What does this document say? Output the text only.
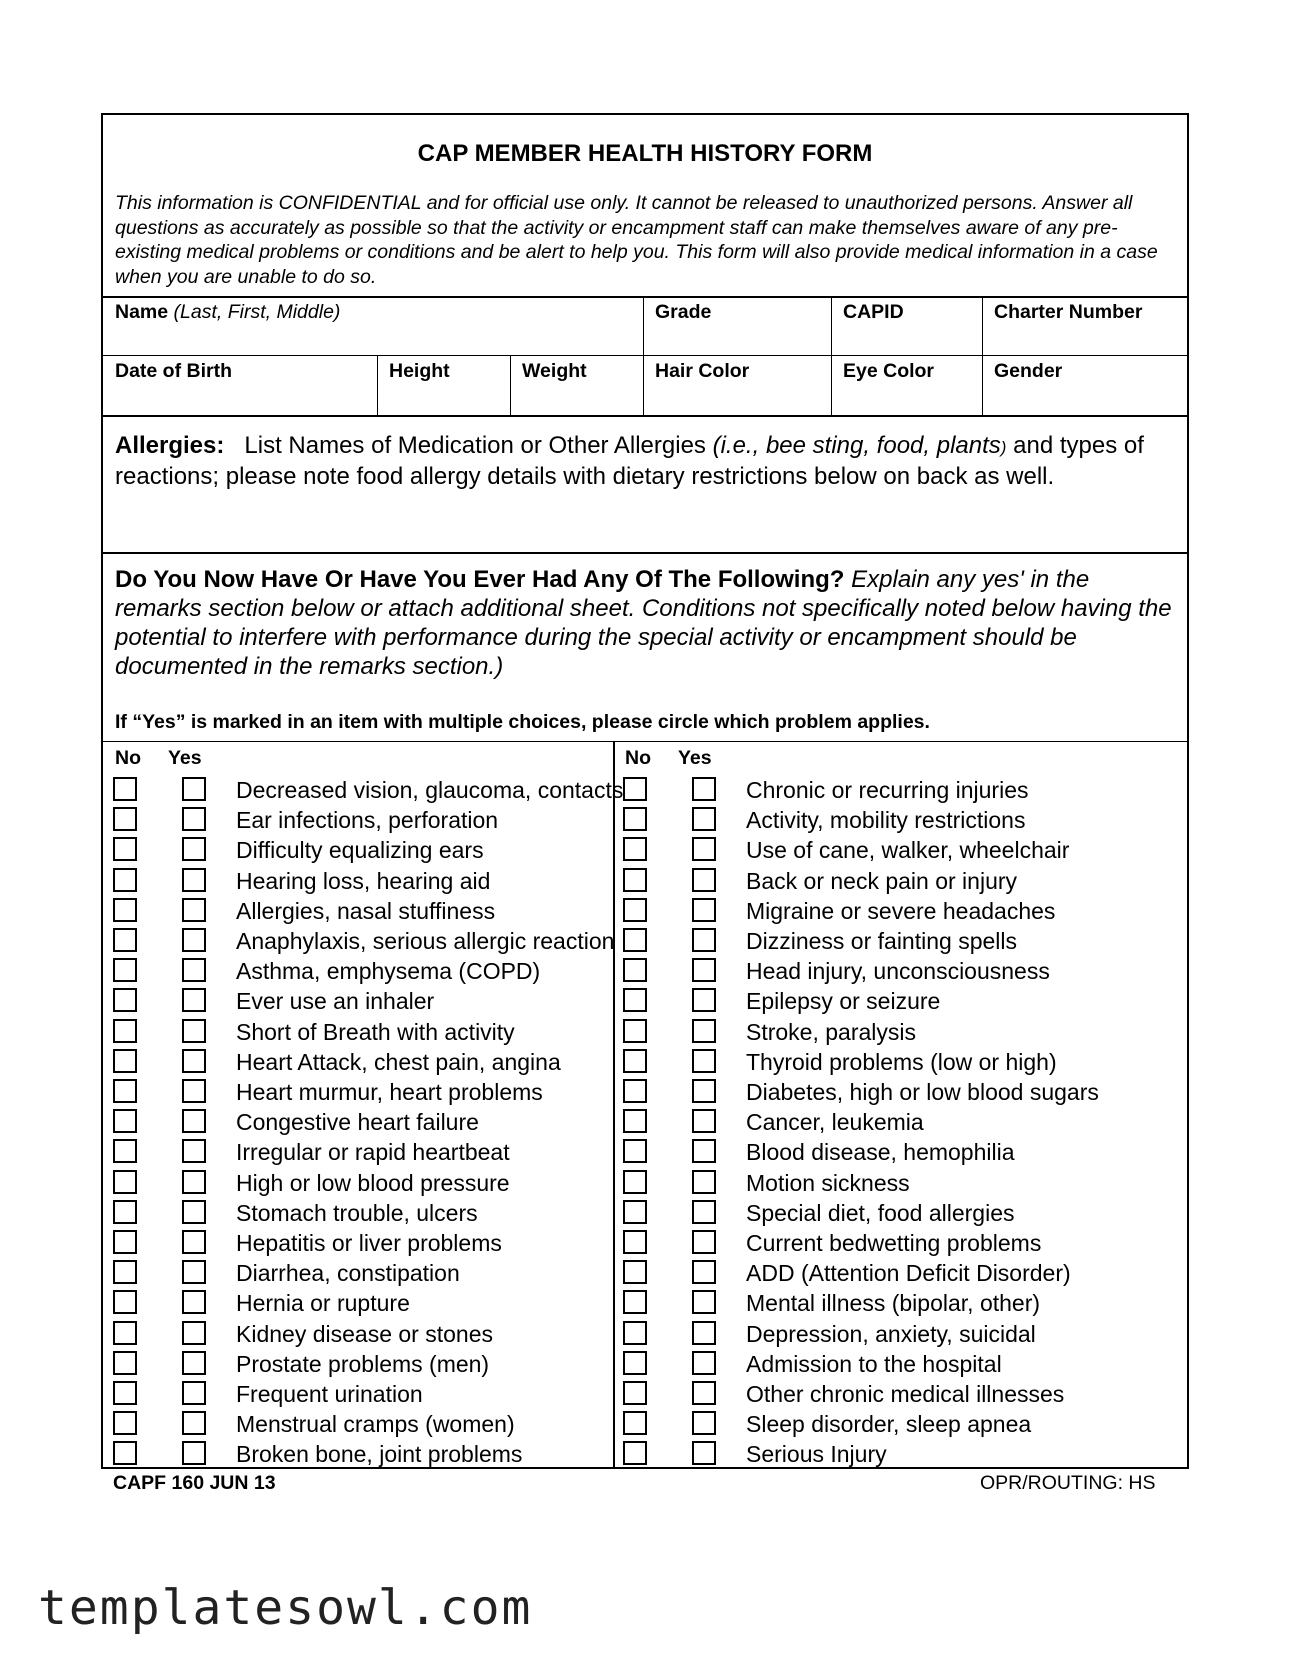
CAP MEMBER HEALTH HISTORY FORM
This information is CONFIDENTIAL and for official use only. It cannot be released to unauthorized persons. Answer all questions as accurately as possible so that the activity or encampment staff can make themselves aware of any pre-existing medical problems or conditions and be alert to help you. This form will also provide medical information in a case when you are unable to do so.
Name (Last, First, Middle)	Grade	CAPID	Charter Number
Date of Birth	Height	Weight	Hair Color	Eye Color	Gender
Allergies: List Names of Medication or Other Allergies (i.e., bee sting, food, plants) and types of reactions; please note food allergy details with dietary restrictions below on back as well.
Do You Now Have Or Have You Ever Had Any Of The Following? Explain any yes' in the remarks section below or attach additional sheet. Conditions not specifically noted below having the potential to interfere with performance during the special activity or encampment should be documented in the remarks section.)
If “Yes” is marked in an item with multiple choices, please circle which problem applies.
No Yes	No Yes
Decreased vision, glaucoma, contacts
Ear infections, perforation
Difficulty equalizing ears
Hearing loss, hearing aid
Allergies, nasal stuffiness
Anaphylaxis, serious allergic reaction
Asthma, emphysema (COPD)
Ever use an inhaler
Short of Breath with activity
Heart Attack, chest pain, angina
Heart murmur, heart problems
Congestive heart failure
Irregular or rapid heartbeat
High or low blood pressure
Stomach trouble, ulcers
Hepatitis or liver problems
Diarrhea, constipation
Hernia or rupture
Kidney disease or stones
Prostate problems (men)
Frequent urination
Menstrual cramps (women)
Broken bone, joint problems
Chronic or recurring injuries
Activity, mobility restrictions
Use of cane, walker, wheelchair
Back or neck pain or injury
Migraine or severe headaches
Dizziness or fainting spells
Head injury, unconsciousness
Epilepsy or seizure
Stroke, paralysis
Thyroid problems (low or high)
Diabetes, high or low blood sugars
Cancer, leukemia
Blood disease, hemophilia
Motion sickness
Special diet, food allergies
Current bedwetting problems
ADD (Attention Deficit Disorder)
Mental illness (bipolar, other)
Depression, anxiety, suicidal
Admission to the hospital
Other chronic medical illnesses
Sleep disorder, sleep apnea
Serious Injury
CAPF 160 JUN 13	OPR/ROUTING: HS
templatesowl.com
